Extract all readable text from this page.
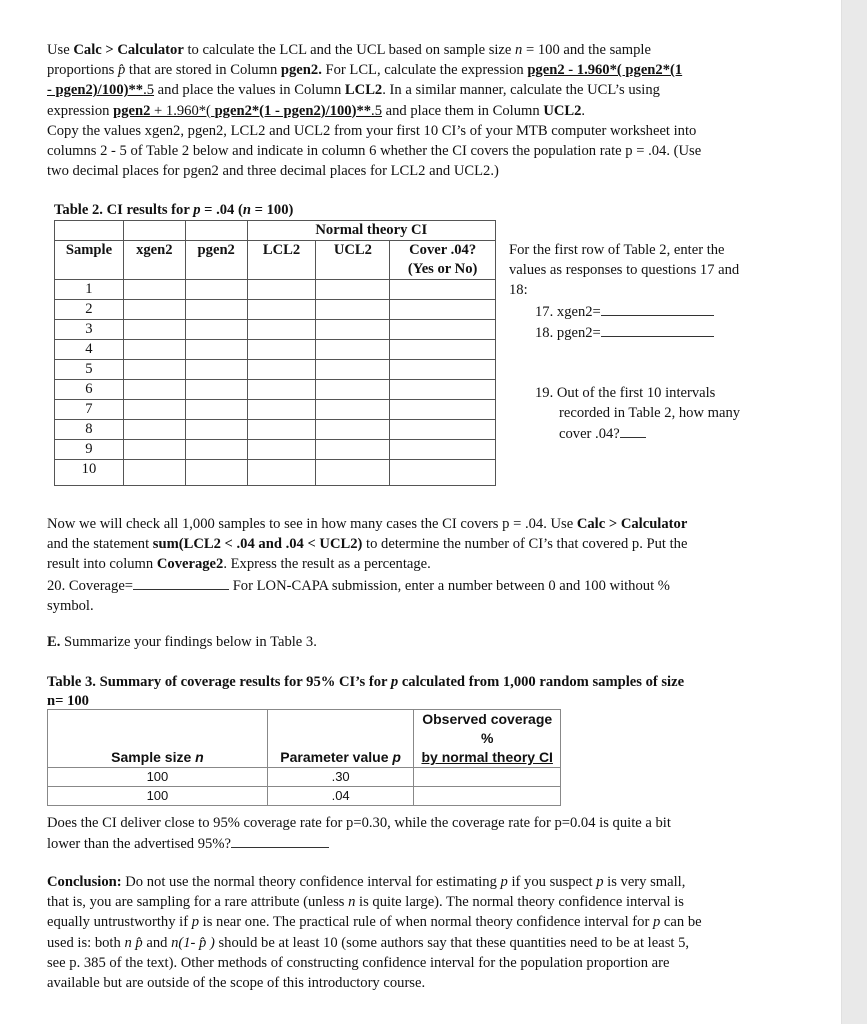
Use Calc > Calculator to calculate the LCL and the UCL based on sample size n = 100 and the sample
proportions p̂ that are stored in Column pgen2. For LCL, calculate the expression pgen2 - 1.960*( pgen2*(1
- pgen2)/100)**.5 and place the values in Column LCL2. In a similar manner, calculate the UCL’s using
expression pgen2 + 1.960*( pgen2*(1 - pgen2)/100)**.5 and place them in Column UCL2.
Copy the values xgen2, pgen2, LCL2 and UCL2 from your first 10 CI’s of your MTB computer worksheet into
columns 2 - 5 of Table 2 below and indicate in column 6 whether the CI covers the population rate p = .04. (Use
two decimal places for pgen2 and three decimal places for LCL2 and UCL2.)
Table 2. CI results for p = .04 (n = 100)
			Normal theory CI		
Sample	xgen2	pgen2	LCL2	UCL2	Cover .04?
(Yes or No)

1					
2					
3					
4					
5					
6					
7					
8					
9					
10					
For the first row of Table 2, enter the
values as responses to questions 17 and
18:
17. xgen2=
18. pgen2=
19. Out of the first 10 intervals
recorded in Table 2, how many
cover .04?
Now we will check all 1,000 samples to see in how many cases the CI covers p = .04. Use Calc > Calculator
and the statement sum(LCL2 < .04 and .04 < UCL2) to determine the number of CI’s that covered p. Put the
result into column Coverage2. Express the result as a percentage.
20. Coverage=	For LON-CAPA submission, enter a number between 0 and 100 without %
symbol.
E. Summarize your findings below in Table 3.
Table 3. Summary of coverage results for 95% CI’s for p calculated from 1,000 random samples of size
n= 100
Sample size n	Parameter value p	Observed coverage %
by normal theory CI

100	.30	
100	.04	
Does the CI deliver close to 95% coverage rate for p=0.30, while the coverage rate for p=0.04 is quite a bit
lower than the advertised 95%?
Conclusion: Do not use the normal theory confidence interval for estimating p if you suspect p is very small,
that is, you are sampling for a rare attribute (unless n is quite large). The normal theory confidence interval is
equally untrustworthy if p is near one. The practical rule of when normal theory confidence interval for p can be
used is: both n p̂ and n(1- p̂ ) should be at least 10 (some authors say that these quantities need to be at least 5,
see p. 385 of the text). Other methods of constructing confidence interval for the population proportion are
available but are outside of the scope of this introductory course.
